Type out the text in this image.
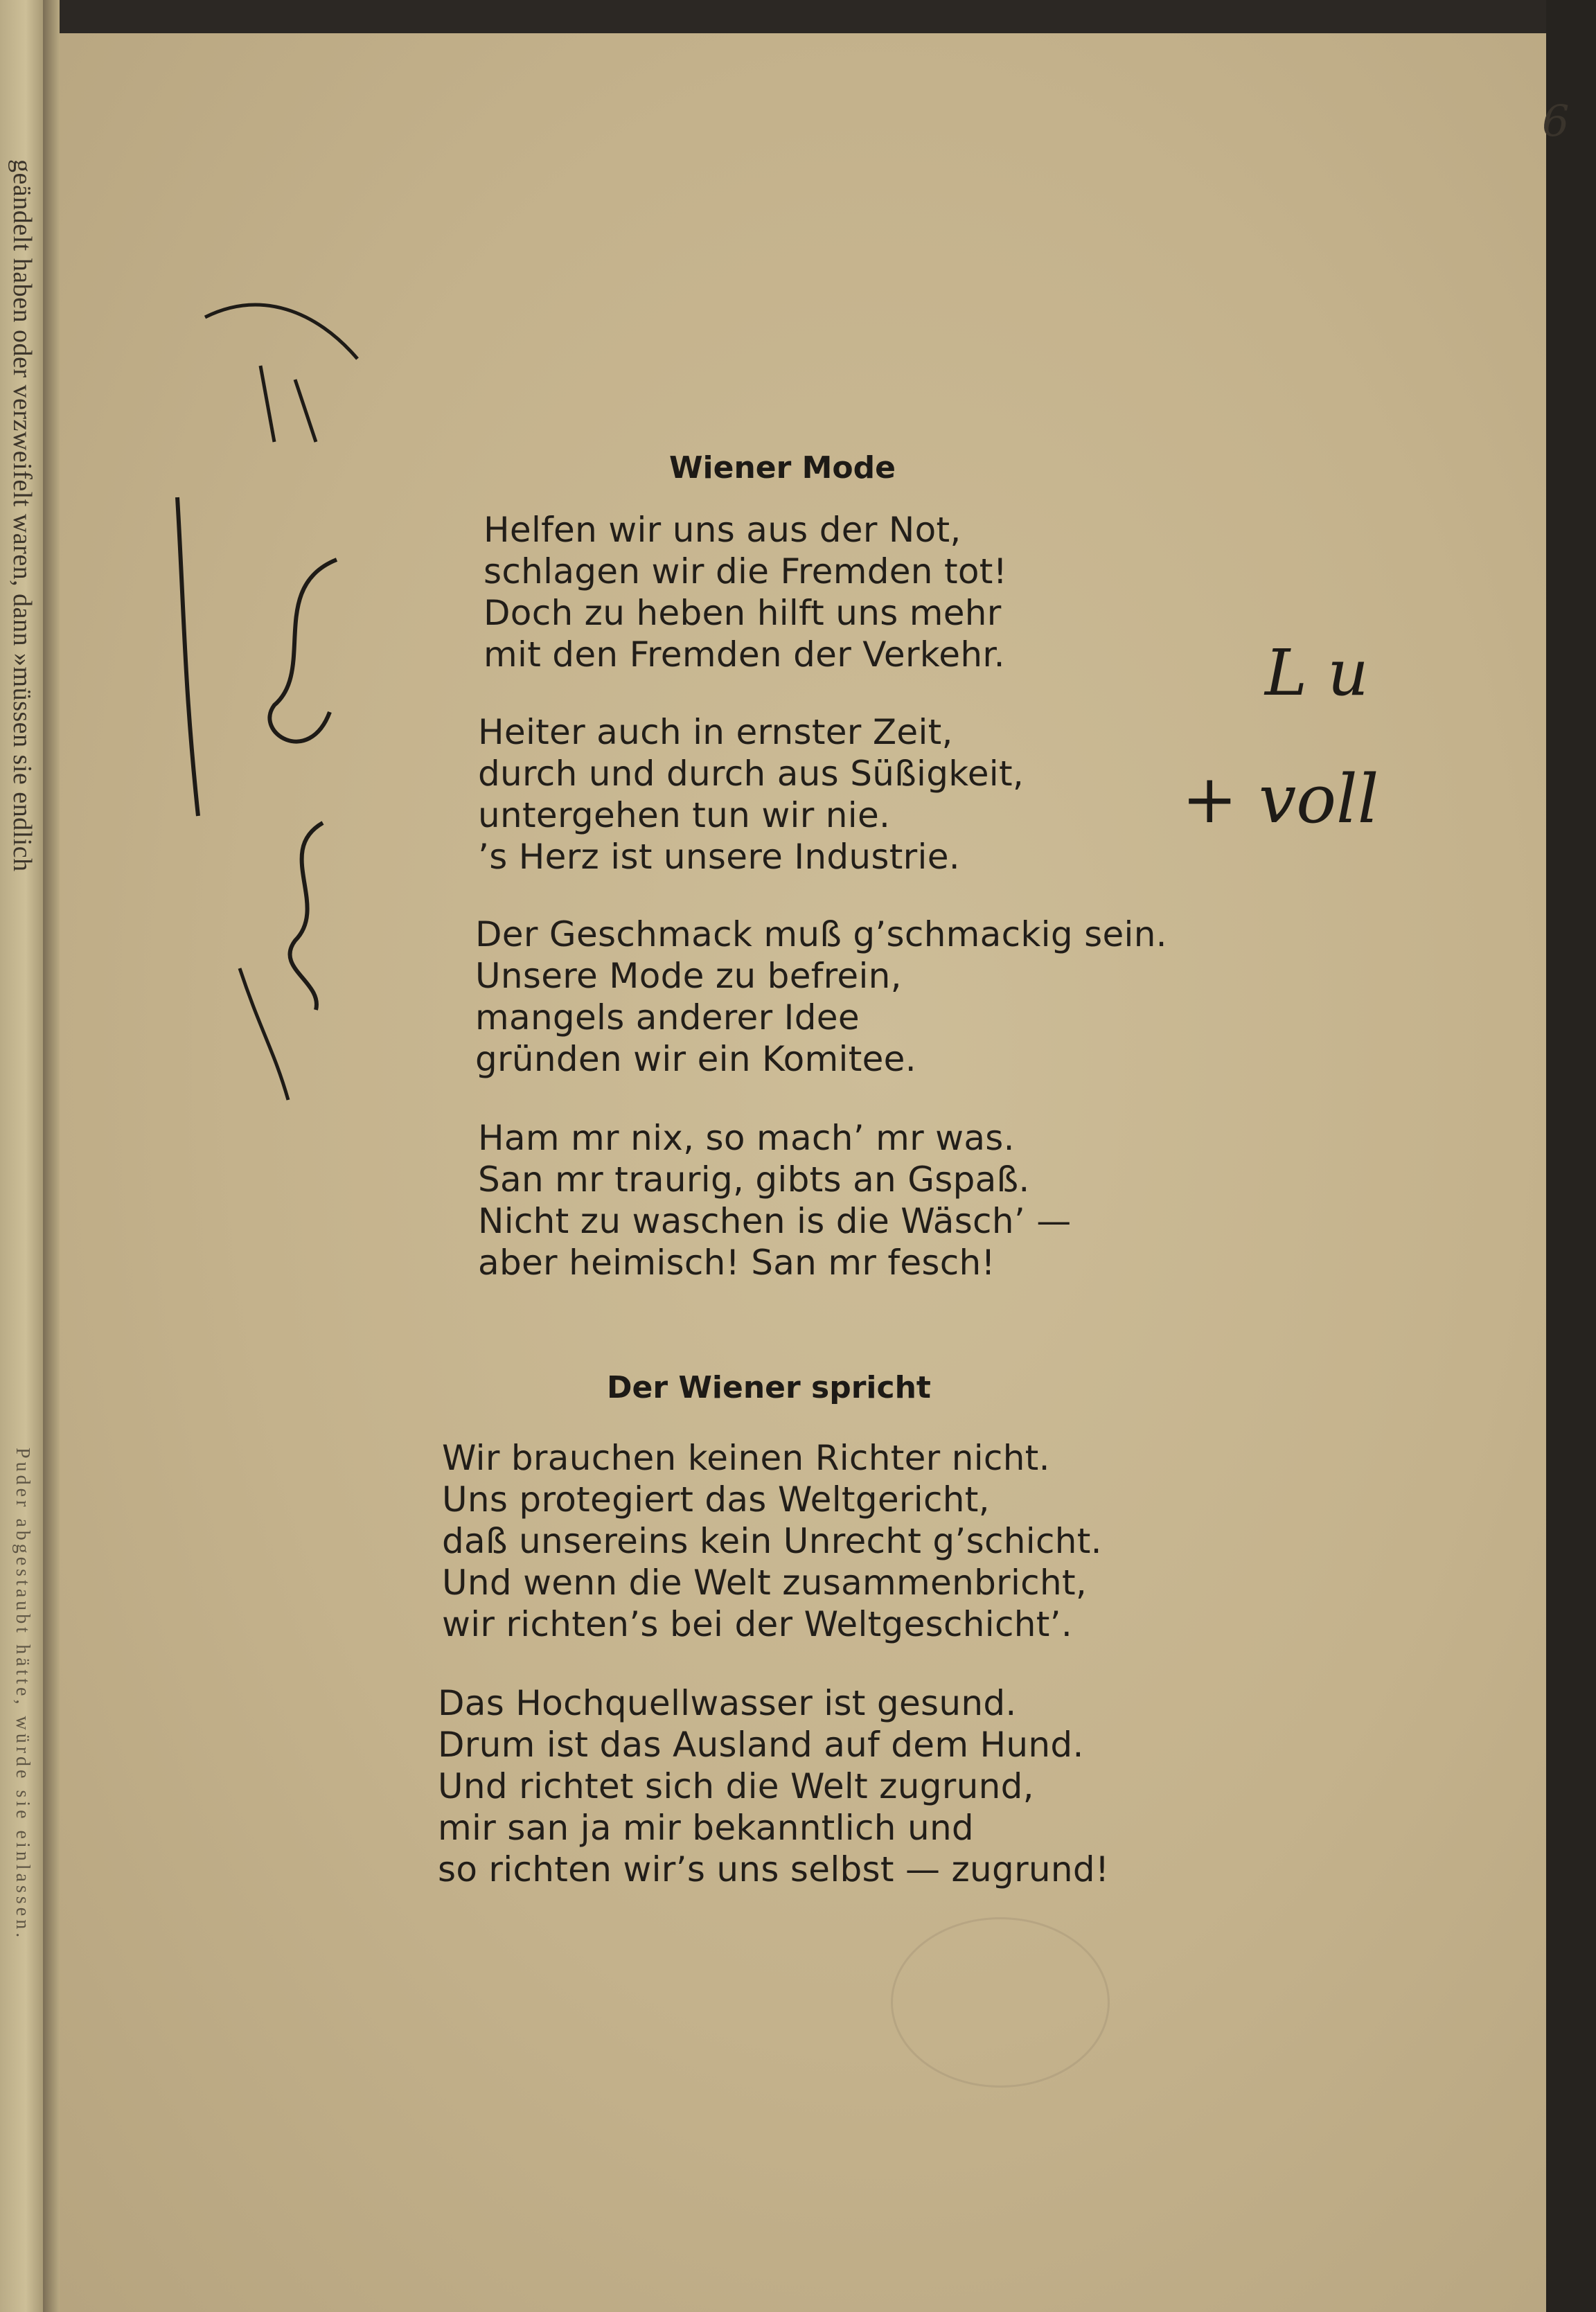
geändelt haben oder verzweifelt waren, dann »müssen sie endlich
Puder abgestaubt hätte, würde sie einlassen.
6
L u
+ voll
Wiener Mode
Helfen wir uns aus der Not,
schlagen wir die Fremden tot!
Doch zu heben hilft uns mehr
mit den Fremden der Verkehr.
Heiter auch in ernster Zeit,
durch und durch aus Süßigkeit,
untergehen tun wir nie.
’s Herz ist unsere Industrie.
Der Geschmack muß g’schmackig sein.
Unsere Mode zu befrein,
mangels anderer Idee
gründen wir ein Komitee.
Ham mr nix, so mach’ mr was.
San mr traurig, gibts an Gspaß.
Nicht zu waschen is die Wäsch’ —
aber heimisch! San mr fesch!
Der Wiener spricht
Wir brauchen keinen Richter nicht.
Uns protegiert das Weltgericht,
daß unsereins kein Unrecht g’schicht.
Und wenn die Welt zusammenbricht,
wir richten’s bei der Weltgeschicht’.
Das Hochquellwasser ist gesund.
Drum ist das Ausland auf dem Hund.
Und richtet sich die Welt zugrund,
mir san ja mir bekanntlich und
so richten wir’s uns selbst — zugrund!
